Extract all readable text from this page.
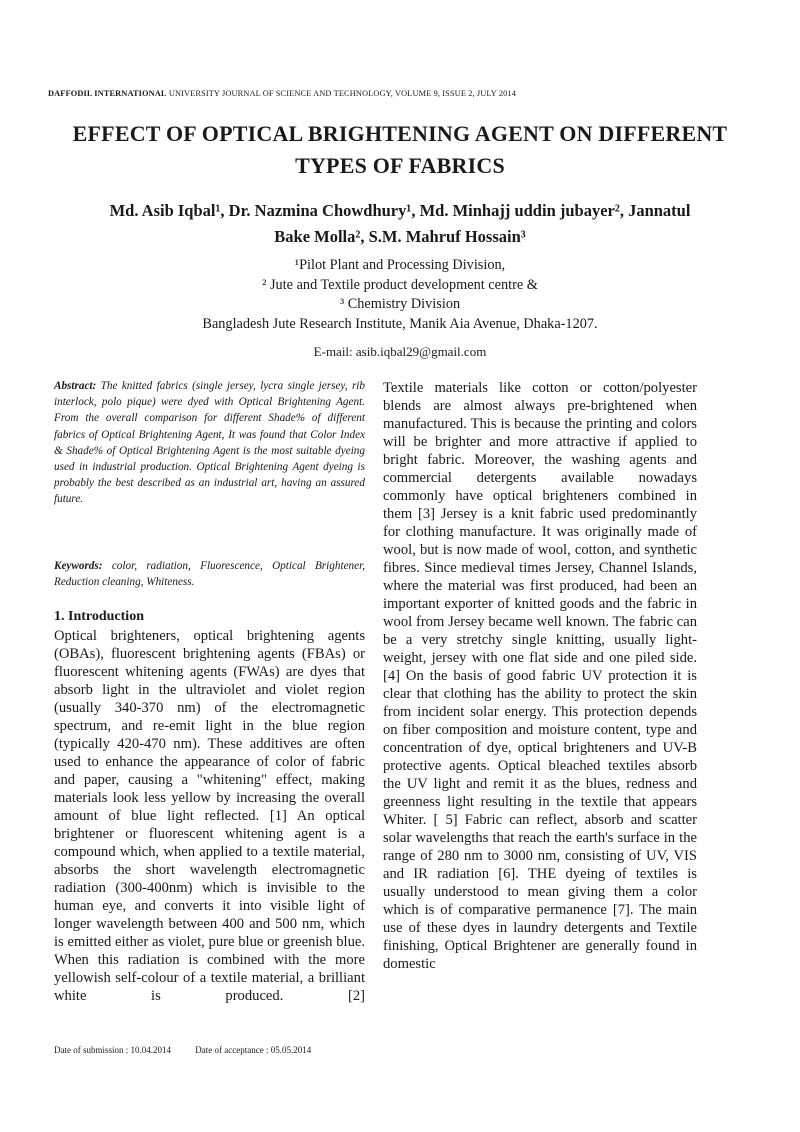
DAFFODIL INTERNATIONAL UNIVERSITY JOURNAL OF SCIENCE AND TECHNOLOGY, VOLUME 9, ISSUE 2, JULY 2014
EFFECT OF OPTICAL BRIGHTENING AGENT ON DIFFERENT
TYPES OF FABRICS
Md. Asib Iqbal¹, Dr. Nazmina Chowdhury¹, Md. Minhajj uddin jubayer², Jannatul
Bake Molla², S.M. Mahruf Hossain³
¹Pilot Plant and Processing Division,
² Jute and Textile product development centre &
³ Chemistry Division
Bangladesh Jute Research Institute, Manik Aia Avenue, Dhaka-1207.
E-mail: asib.iqbal29@gmail.com
Abstract: The knitted fabrics (single jersey, lycra single jersey, rib interlock, polo pique) were dyed with Optical Brightening Agent. From the overall comparison for different Shade% of different fabrics of Optical Brightening Agent, It was found that Color Index & Shade% of Optical Brightening Agent is the most suitable dyeing used in industrial production. Optical Brightening Agent dyeing is probably the best described as an industrial art, having an assured future.
Keywords: color, radiation, Fluorescence, Optical Brightener, Reduction cleaning, Whiteness.
1. Introduction
Optical brighteners, optical brightening agents (OBAs), fluorescent brightening agents (FBAs) or fluorescent whitening agents (FWAs) are dyes that absorb light in the ultraviolet and violet region (usually 340-370 nm) of the electromagnetic spectrum, and re-emit light in the blue region (typically 420-470 nm). These additives are often used to enhance the appearance of color of fabric and paper, causing a "whitening" effect, making materials look less yellow by increasing the overall amount of blue light reflected. [1] An optical brightener or fluorescent whitening agent is a compound which, when applied to a textile material, absorbs the short wavelength electromagnetic radiation (300-400nm) which is invisible to the human eye, and converts it into visible light of longer wavelength between 400 and 500 nm, which is emitted either as violet, pure blue or greenish blue. When this radiation is combined with the more yellowish self-colour of a textile material, a brilliant white is produced. [2]
Textile materials like cotton or cotton/polyester blends are almost always pre-brightened when manufactured. This is because the printing and colors will be brighter and more attractive if applied to bright fabric. Moreover, the washing agents and commercial detergents available nowadays commonly have optical brighteners combined in them [3] Jersey is a knit fabric used predominantly for clothing manufacture. It was originally made of wool, but is now made of wool, cotton, and synthetic fibres. Since medieval times Jersey, Channel Islands, where the material was first produced, had been an important exporter of knitted goods and the fabric in wool from Jersey became well known. The fabric can be a very stretchy single knitting, usually light-weight, jersey with one flat side and one piled side. [4] On the basis of good fabric UV protection it is clear that clothing has the ability to protect the skin from incident solar energy. This protection depends on fiber composition and moisture content, type and concentration of dye, optical brighteners and UV-B protective agents. Optical bleached textiles absorb the UV light and remit it as the blues, redness and greenness light resulting in the textile that appears Whiter. [ 5] Fabric can reflect, absorb and scatter solar wavelengths that reach the earth's surface in the range of 280 nm to 3000 nm, consisting of UV, VIS and IR radiation [6]. THE dyeing of textiles is usually understood to mean giving them a color which is of comparative permanence [7]. The main use of these dyes in laundry detergents and Textile finishing, Optical Brightener are generally found in domestic
Date of submission : 10.04.2014	Date of acceptance : 05.05.2014
